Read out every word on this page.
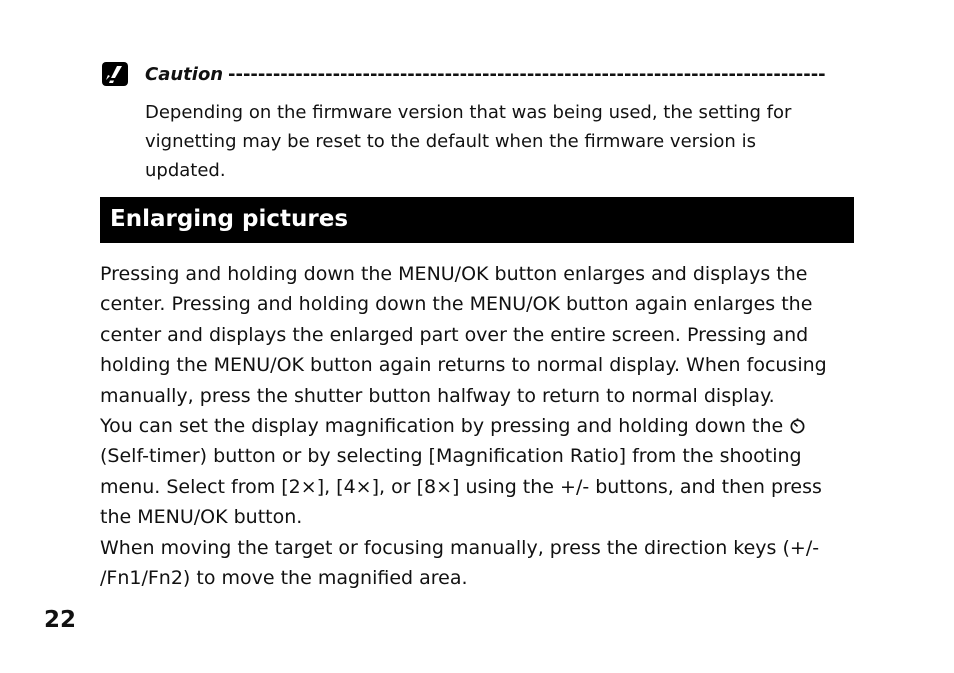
Caution --------------------------------------------------------------------------------
Depending on the firmware version that was being used, the setting for vignetting may be reset to the default when the firmware version is updated.
Enlarging pictures

Pressing and holding down the MENU/OK button enlarges and displays the center. Pressing and holding down the MENU/OK button again enlarges the center and displays the enlarged part over the entire screen. Pressing and holding the MENU/OK button again returns to normal display. When focusing manually, press the shutter button halfway to return to normal display.

You can set the display magnification by pressing and holding down the
(Self-timer) button or by selecting [Magnification Ratio] from the shooting menu. Select from [2×], [4×], or [8×] using the +/- buttons, and then press the MENU/OK button.

When moving the target or focusing manually, press the direction keys (+/- /Fn1/Fn2) to move the magnified area.

22
